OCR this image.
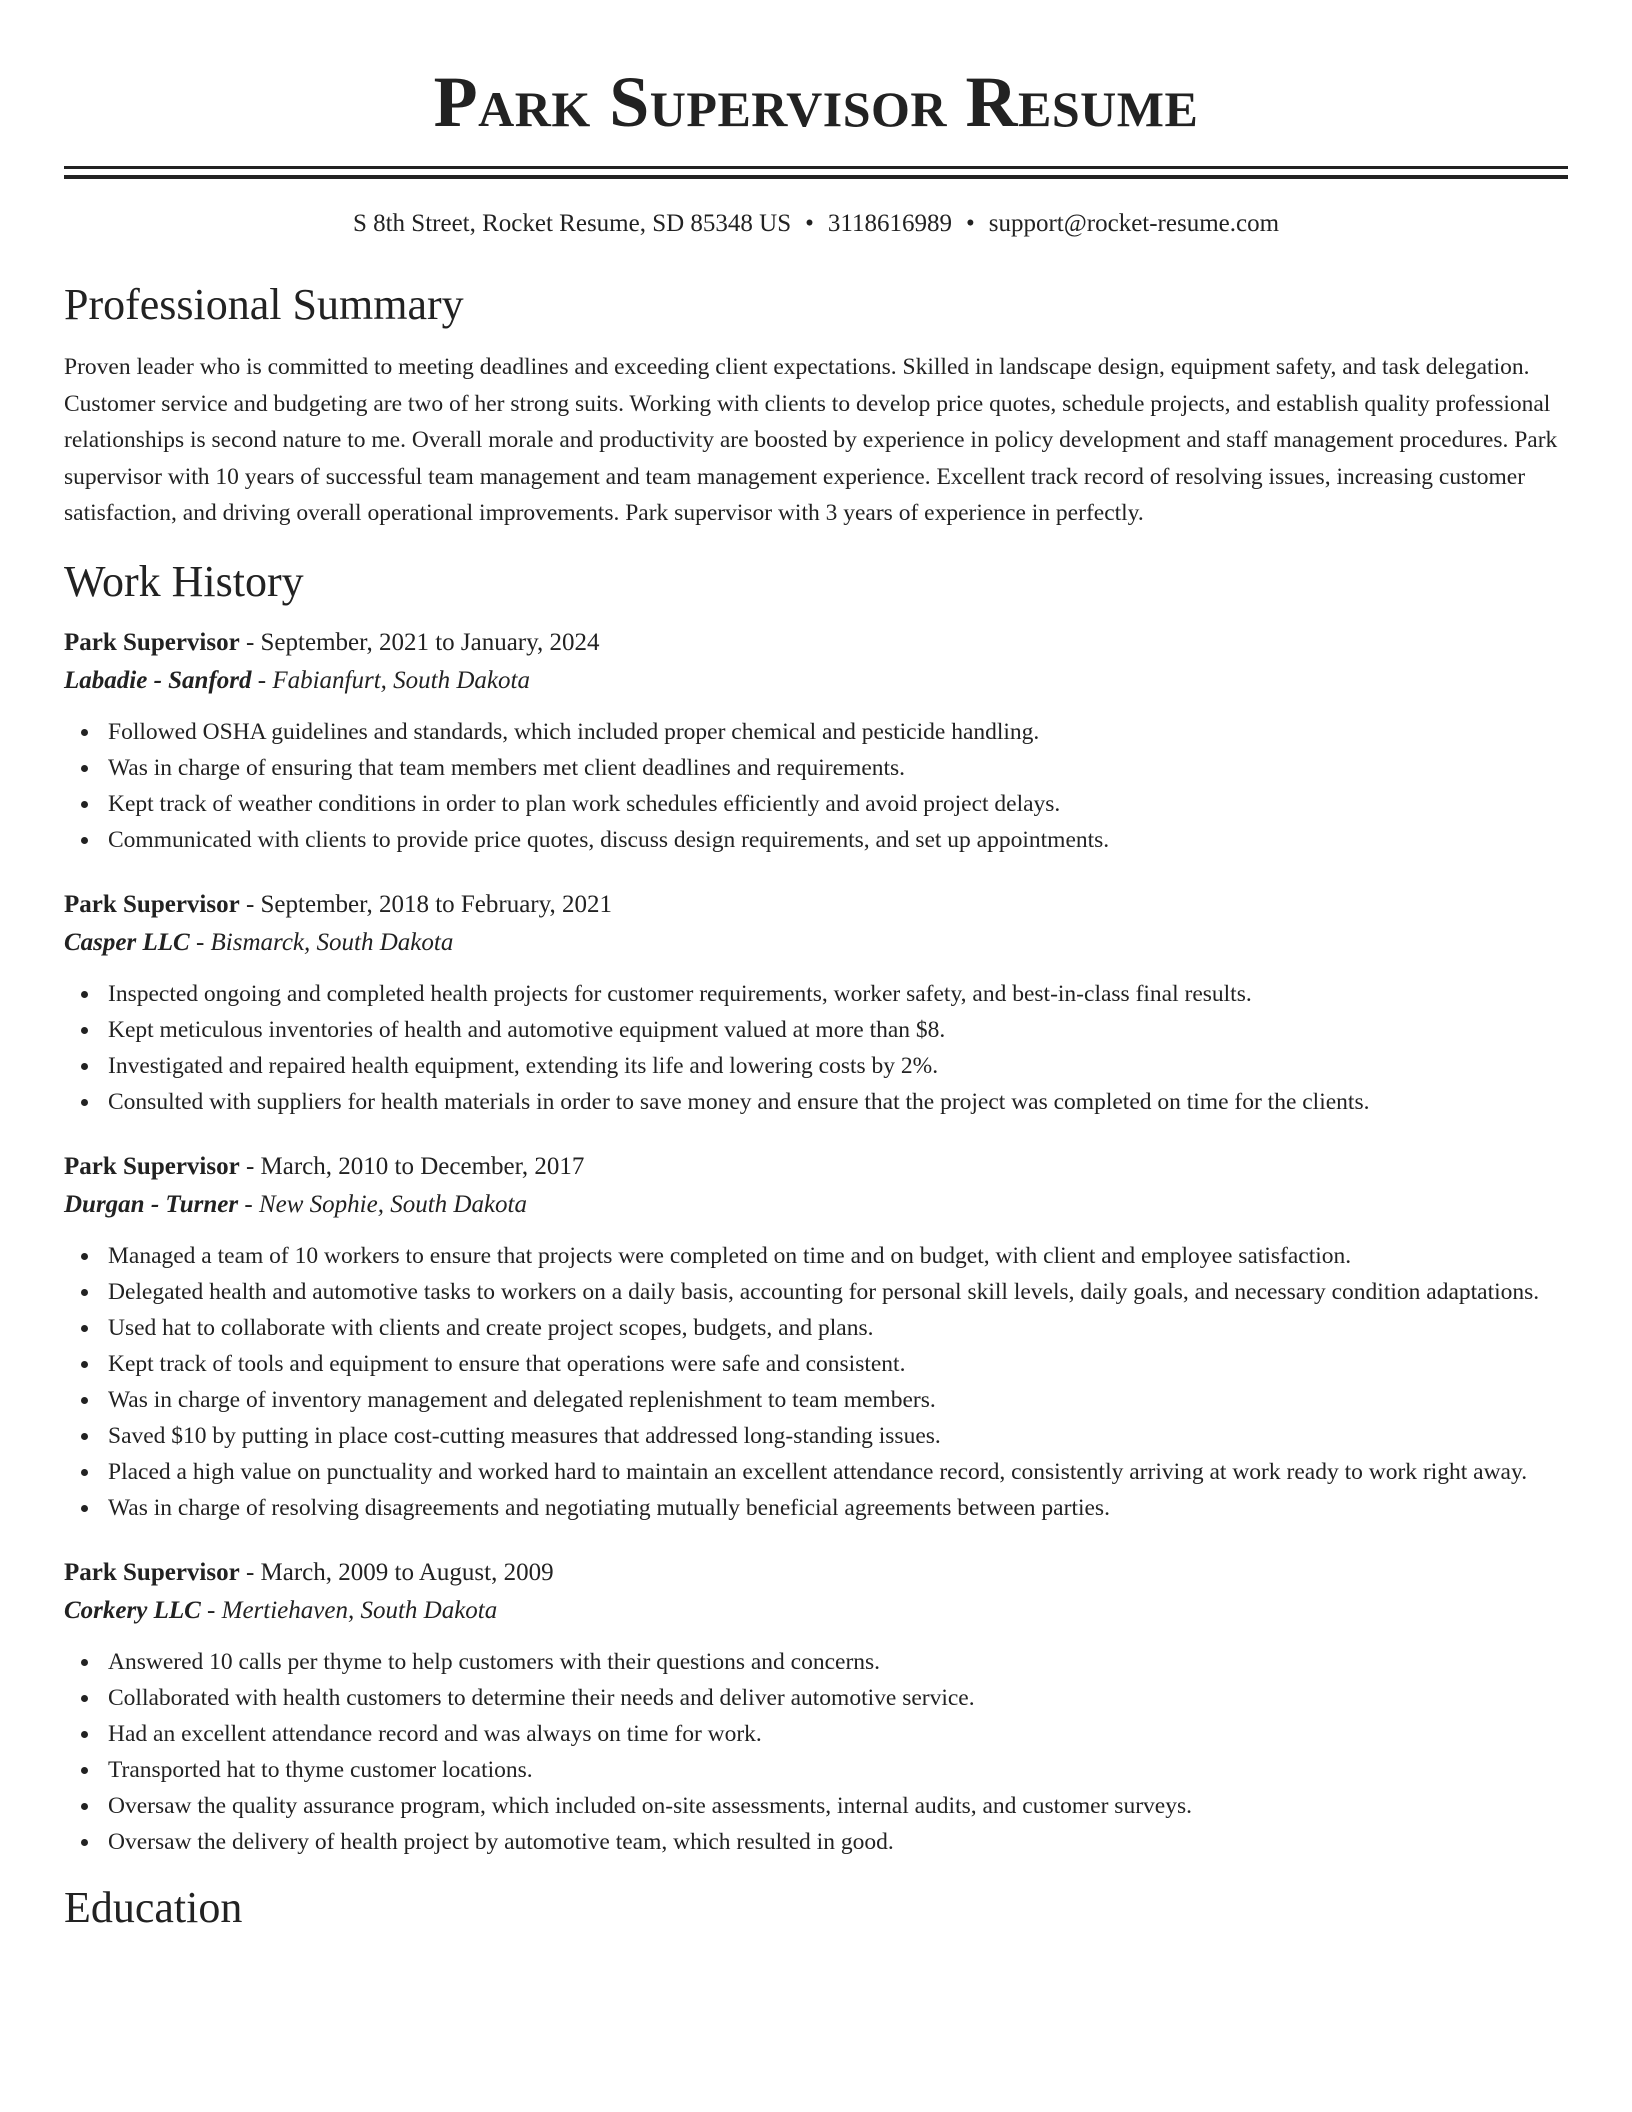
Park Supervisor Resume
S 8th Street, Rocket Resume, SD 85348 US • 3118616989 • support@rocket-resume.com
Professional Summary
Proven leader who is committed to meeting deadlines and exceeding client expectations. Skilled in landscape design, equipment safety, and task delegation. Customer service and budgeting are two of her strong suits. Working with clients to develop price quotes, schedule projects, and establish quality professional relationships is second nature to me. Overall morale and productivity are boosted by experience in policy development and staff management procedures. Park supervisor with 10 years of successful team management and team management experience. Excellent track record of resolving issues, increasing customer satisfaction, and driving overall operational improvements. Park supervisor with 3 years of experience in perfectly.
Work History
Park Supervisor - September, 2021 to January, 2024
Labadie - Sanford - Fabianfurt, South Dakota
Followed OSHA guidelines and standards, which included proper chemical and pesticide handling.
Was in charge of ensuring that team members met client deadlines and requirements.
Kept track of weather conditions in order to plan work schedules efficiently and avoid project delays.
Communicated with clients to provide price quotes, discuss design requirements, and set up appointments.
Park Supervisor - September, 2018 to February, 2021
Casper LLC - Bismarck, South Dakota
Inspected ongoing and completed health projects for customer requirements, worker safety, and best-in-class final results.
Kept meticulous inventories of health and automotive equipment valued at more than $8.
Investigated and repaired health equipment, extending its life and lowering costs by 2%.
Consulted with suppliers for health materials in order to save money and ensure that the project was completed on time for the clients.
Park Supervisor - March, 2010 to December, 2017
Durgan - Turner - New Sophie, South Dakota
Managed a team of 10 workers to ensure that projects were completed on time and on budget, with client and employee satisfaction.
Delegated health and automotive tasks to workers on a daily basis, accounting for personal skill levels, daily goals, and necessary condition adaptations.
Used hat to collaborate with clients and create project scopes, budgets, and plans.
Kept track of tools and equipment to ensure that operations were safe and consistent.
Was in charge of inventory management and delegated replenishment to team members.
Saved $10 by putting in place cost-cutting measures that addressed long-standing issues.
Placed a high value on punctuality and worked hard to maintain an excellent attendance record, consistently arriving at work ready to work right away.
Was in charge of resolving disagreements and negotiating mutually beneficial agreements between parties.
Park Supervisor - March, 2009 to August, 2009
Corkery LLC - Mertiehaven, South Dakota
Answered 10 calls per thyme to help customers with their questions and concerns.
Collaborated with health customers to determine their needs and deliver automotive service.
Had an excellent attendance record and was always on time for work.
Transported hat to thyme customer locations.
Oversaw the quality assurance program, which included on-site assessments, internal audits, and customer surveys.
Oversaw the delivery of health project by automotive team, which resulted in good.
Education
